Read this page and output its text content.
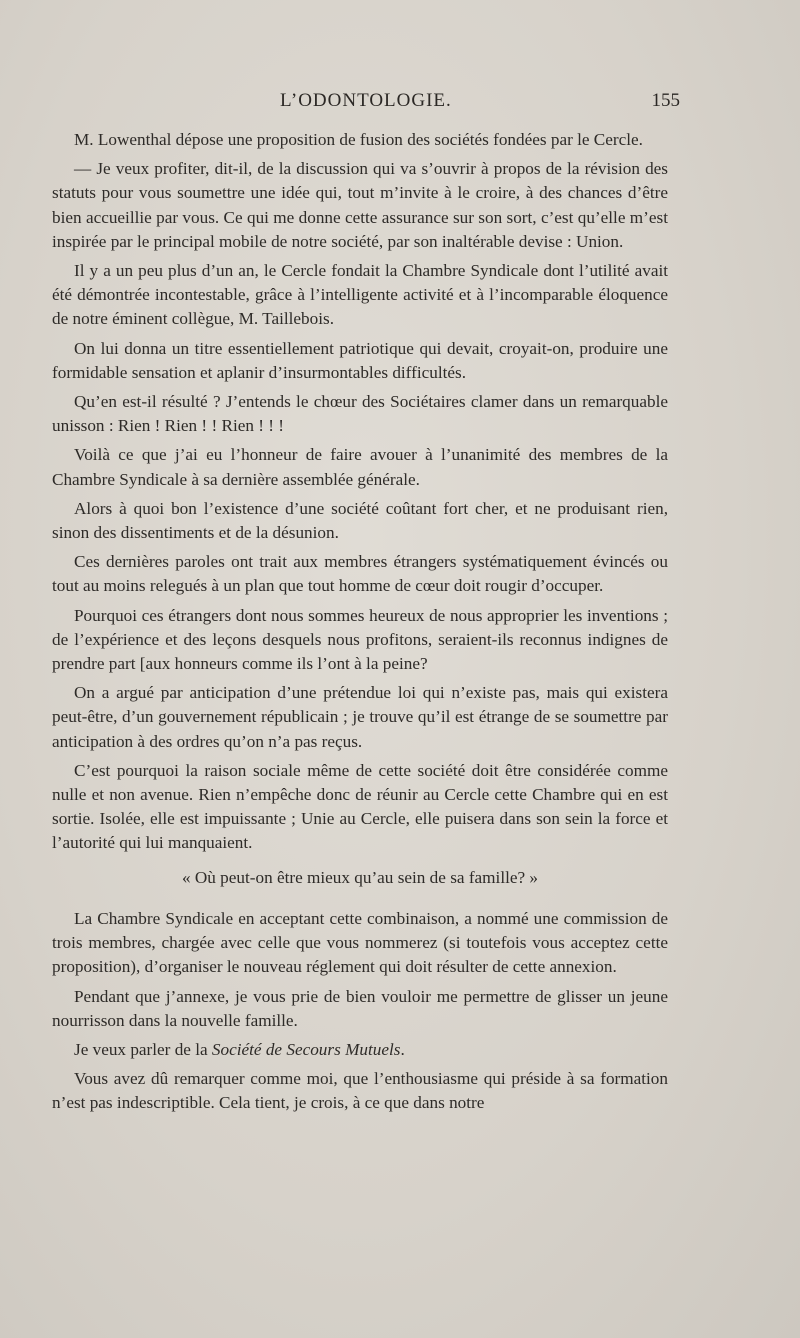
L’ODONTOLOGIE.	155

M. Lowenthal dépose une proposition de fusion des sociétés fondées par le Cercle.

— Je veux profiter, dit-il, de la discussion qui va s’ouvrir à propos de la révision des statuts pour vous soumettre une idée qui, tout m’invite à le croire, à des chances d’être bien accueillie par vous. Ce qui me donne cette assurance sur son sort, c’est qu’elle m’est inspirée par le principal mobile de notre société, par son inaltérable devise : Union.

Il y a un peu plus d’un an, le Cercle fondait la Chambre Syndicale dont l’utilité avait été démontrée incontestable, grâce à l’intelligente activité et à l’incomparable éloquence de notre éminent collègue, M. Taillebois.

On lui donna un titre essentiellement patriotique qui devait, croyait-on, produire une formidable sensation et aplanir d’insurmontables difficultés.

Qu’en est-il résulté ? J’entends le chœur des Sociétaires clamer dans un remarquable unisson : Rien ! Rien ! ! Rien ! ! !

Voilà ce que j’ai eu l’honneur de faire avouer à l’unanimité des membres de la Chambre Syndicale à sa dernière assemblée générale.

Alors à quoi bon l’existence d’une société coûtant fort cher, et ne produisant rien, sinon des dissentiments et de la désunion.

Ces dernières paroles ont trait aux membres étrangers systématiquement évincés ou tout au moins relegués à un plan que tout homme de cœur doit rougir d’occuper.

Pourquoi ces étrangers dont nous sommes heureux de nous approprier les inventions ; de l’expérience et des leçons desquels nous profitons, seraient-ils reconnus indignes de prendre part [aux honneurs comme ils l’ont à la peine?

On a argué par anticipation d’une prétendue loi qui n’existe pas, mais qui existera peut-être, d’un gouvernement républicain ; je trouve qu’il est étrange de se soumettre par anticipation à des ordres qu’on n’a pas reçus.

C’est pourquoi la raison sociale même de cette société doit être considérée comme nulle et non avenue. Rien n’empêche donc de réunir au Cercle cette Chambre qui en est sortie. Isolée, elle est impuissante ; Unie au Cercle, elle puisera dans son sein la force et l’autorité qui lui manquaient.

« Où peut-on être mieux qu’au sein de sa famille? »

La Chambre Syndicale en acceptant cette combinaison, a nommé une commission de trois membres, chargée avec celle que vous nommerez (si toutefois vous acceptez cette proposition), d’organiser le nouveau réglement qui doit résulter de cette annexion.

Pendant que j’annexe, je vous prie de bien vouloir me permettre de glisser un jeune nourrisson dans la nouvelle famille.

Je veux parler de la Société de Secours Mutuels.

Vous avez dû remarquer comme moi, que l’enthousiasme qui préside à sa formation n’est pas indescriptible. Cela tient, je crois, à ce que dans notre
